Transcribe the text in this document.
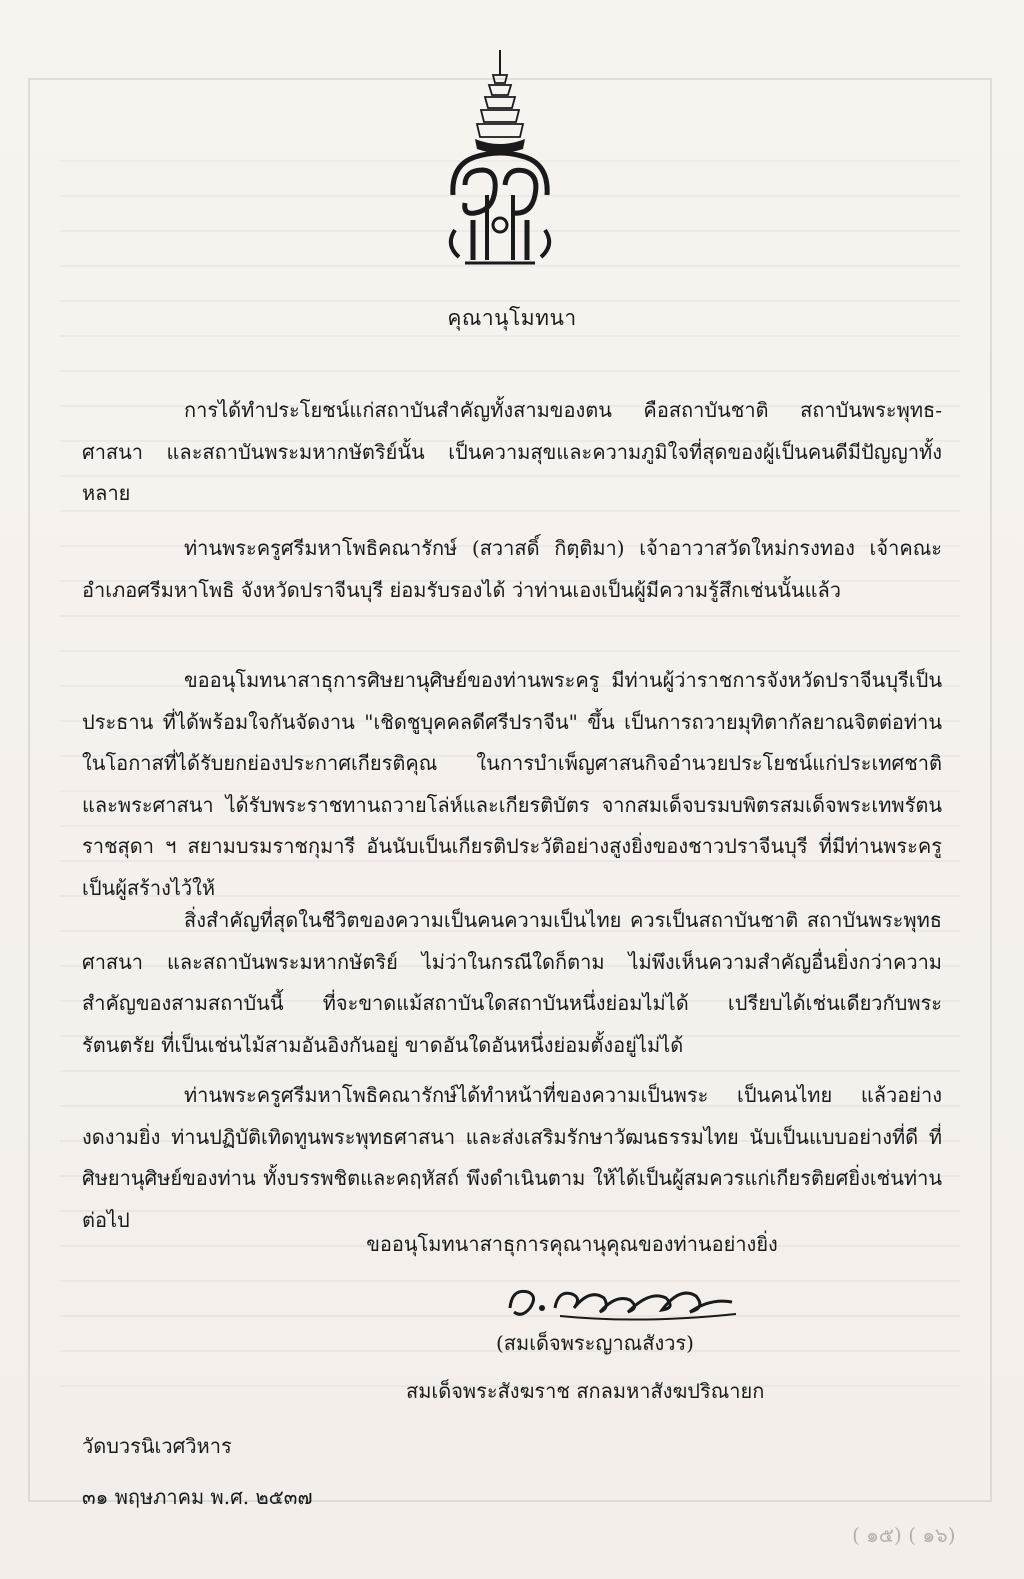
คุณานุโมทนา

การได้ทำประโยชน์แก่สถาบันสำคัญทั้งสามของตน คือสถาบันชาติ สถาบันพระพุทธ-ศาสนา และสถาบันพระมหากษัตริย์นั้น เป็นความสุขและความภูมิใจที่สุดของผู้เป็นคนดีมีปัญญาทั้งหลาย

ท่านพระครูศรีมหาโพธิคณารักษ์ (สวาสดิ์ กิตฺติมา) เจ้าอาวาสวัดใหม่กรงทอง เจ้าคณะอำเภอศรีมหาโพธิ จังหวัดปราจีนบุรี ย่อมรับรองได้ ว่าท่านเองเป็นผู้มีความรู้สึกเช่นนั้นแล้ว

ขออนุโมทนาสาธุการศิษยานุศิษย์ของท่านพระครู มีท่านผู้ว่าราชการจังหวัดปราจีนบุรีเป็นประธาน ที่ได้พร้อมใจกันจัดงาน "เชิดชูบุคคลดีศรีปราจีน" ขึ้น เป็นการถวายมุทิตากัลยาณจิตต่อท่าน ในโอกาสที่ได้รับยกย่องประกาศเกียรติคุณ ในการบำเพ็ญศาสนกิจอำนวยประโยชน์แก่ประเทศชาติและพระศาสนา ได้รับพระราชทานถวายโล่ห์และเกียรติบัตร จากสมเด็จบรมบพิตรสมเด็จพระเทพรัตนราชสุดา ฯ สยามบรมราชกุมารี อันนับเป็นเกียรติประวัติอย่างสูงยิ่งของชาวปราจีนบุรี ที่มีท่านพระครูเป็นผู้สร้างไว้ให้

สิ่งสำคัญที่สุดในชีวิตของความเป็นคนความเป็นไทย ควรเป็นสถาบันชาติ สถาบันพระพุทธศาสนา และสถาบันพระมหากษัตริย์ ไม่ว่าในกรณีใดก็ตาม ไม่พึงเห็นความสำคัญอื่นยิ่งกว่าความสำคัญของสามสถาบันนี้ ที่จะขาดแม้สถาบันใดสถาบันหนึ่งย่อมไม่ได้ เปรียบได้เช่นเดียวกับพระรัตนตรัย ที่เป็นเช่นไม้สามอันอิงกันอยู่ ขาดอันใดอันหนึ่งย่อมตั้งอยู่ไม่ได้

ท่านพระครูศรีมหาโพธิคณารักษ์ได้ทำหน้าที่ของความเป็นพระ เป็นคนไทย แล้วอย่างงดงามยิ่ง ท่านปฏิบัติเทิดทูนพระพุทธศาสนา และส่งเสริมรักษาวัฒนธรรมไทย นับเป็นแบบอย่างที่ดี ที่ศิษยานุศิษย์ของท่าน ทั้งบรรพชิตและคฤหัสถ์ พึงดำเนินตาม ให้ได้เป็นผู้สมควรแก่เกียรติยศยิ่งเช่นท่านต่อไป

ขออนุโมทนาสาธุการคุณานุคุณของท่านอย่างยิ่ง
(สมเด็จพระญาณสังวร)
สมเด็จพระสังฆราช สกลมหาสังฆปริณายก
วัดบวรนิเวศวิหาร
๓๑ พฤษภาคม พ.ศ. ๒๕๓๗
( ๑๕) ( ๑๖)
